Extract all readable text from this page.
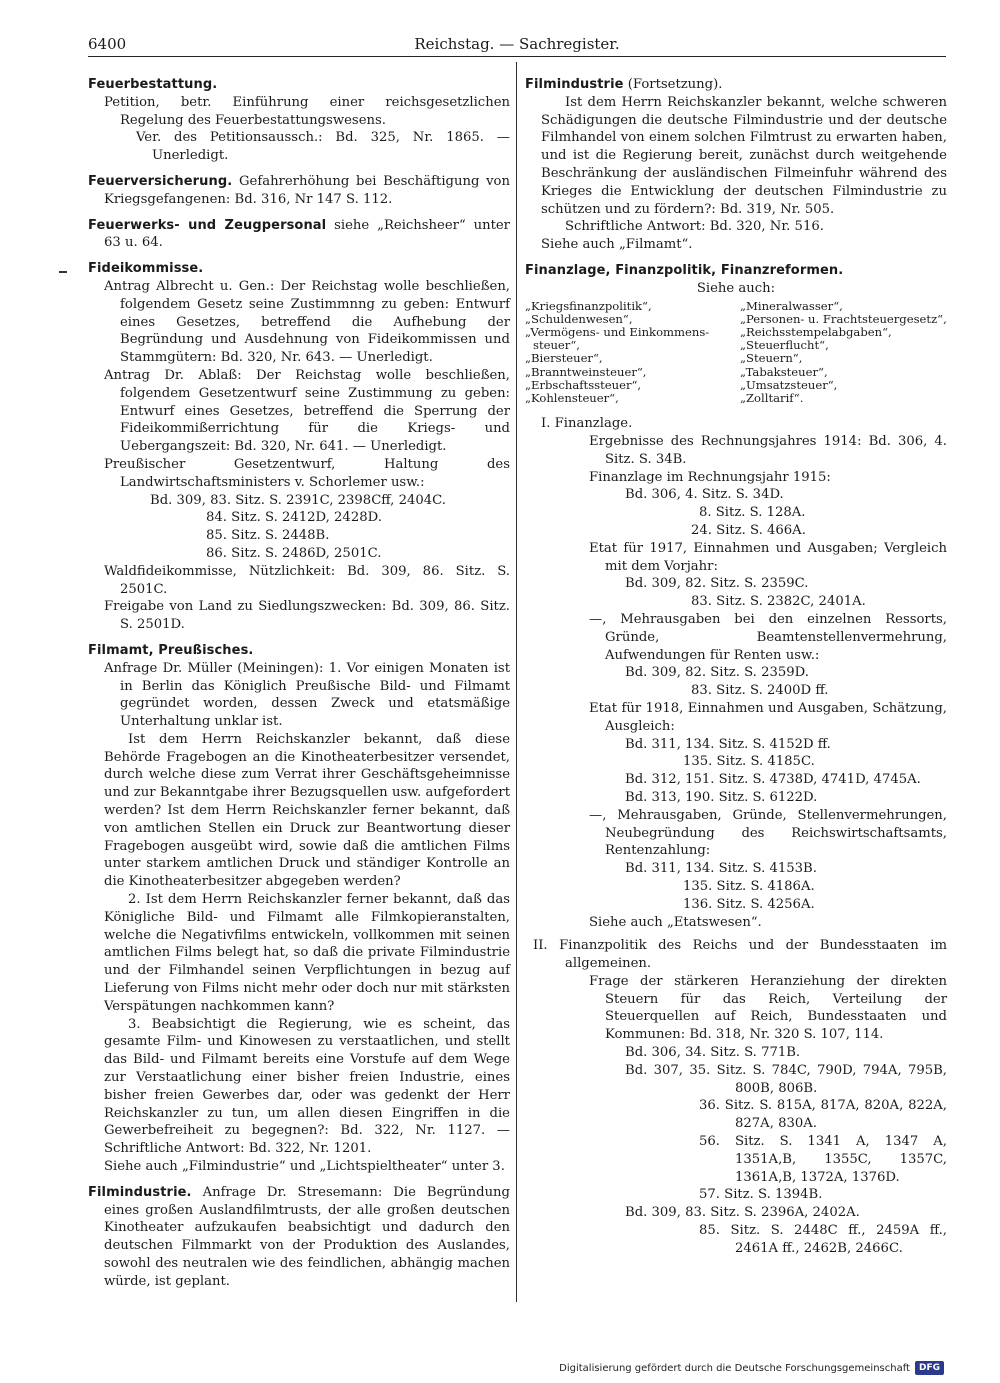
6400	Reichstag. — Sachregister.
Feuerbestattung.
Petition, betr. Einführung einer reichsgesetzlichen Regelung des Feuerbestattungswesens.
Ver. des Petitionsaussch.: Bd. 325, Nr. 1865. — Unerledigt.

Feuerversicherung. Gefahrerhöhung bei Beschäftigung von Kriegsgefangenen: Bd. 316, Nr 147 S. 112.

Feuerwerks- und Zeugpersonal siehe „Reichsheer“ unter 63 u. 64.

Fideikommisse.

Antrag Albrecht u. Gen.: Der Reichstag wolle beschließen, folgendem Gesetz seine Zustimmnng zu geben: Entwurf eines Gesetzes, betreffend die Aufhebung der Begründung und Ausdehnung von Fideikommissen und Stammgütern: Bd. 320, Nr. 643. — Unerledigt.

Antrag Dr. Ablaß: Der Reichstag wolle beschließen, folgendem Gesetzentwurf seine Zustimmung zu geben: Entwurf eines Gesetzes, betreffend die Sperrung der Fideikommißerrichtung für die Kriegs- und Uebergangszeit: Bd. 320, Nr. 641. — Unerledigt.

Preußischer Gesetzentwurf, Haltung des Landwirtschaftsministers v. Schorlemer usw.:

Bd. 309, 83. Sitz. S. 2391C, 2398Cff, 2404C.
84. Sitz. S. 2412D, 2428D.
85. Sitz. S. 2448B.
86. Sitz. S. 2486D, 2501C.

Waldfideikommisse, Nützlichkeit: Bd. 309, 86. Sitz. S. 2501C.

Freigabe von Land zu Siedlungszwecken: Bd. 309, 86. Sitz. S. 2501D.

Filmamt, Preußisches.

Anfrage Dr. Müller (Meiningen): 1. Vor einigen Monaten ist in Berlin das Königlich Preußische Bild- und Filmamt gegründet worden, dessen Zweck und etatsmäßige Unterhaltung unklar ist.

Ist dem Herrn Reichskanzler bekannt, daß diese Behörde Fragebogen an die Kinotheaterbesitzer versendet, durch welche diese zum Verrat ihrer Geschäftsgeheimnisse und zur Bekanntgabe ihrer Bezugsquellen usw. aufgefordert werden? Ist dem Herrn Reichskanzler ferner bekannt, daß von amtlichen Stellen ein Druck zur Beantwortung dieser Fragebogen ausgeübt wird, sowie daß die amtlichen Films unter starkem amtlichen Druck und ständiger Kontrolle an die Kinotheaterbesitzer abgegeben werden?

2. Ist dem Herrn Reichskanzler ferner bekannt, daß das Königliche Bild- und Filmamt alle Filmkopieranstalten, welche die Negativfilms entwickeln, vollkommen mit seinen amtlichen Films belegt hat, so daß die private Filmindustrie und der Filmhandel seinen Verpflichtungen in bezug auf Lieferung von Films nicht mehr oder doch nur mit stärksten Verspätungen nachkommen kann?

3. Beabsichtigt die Regierung, wie es scheint, das gesamte Film- und Kinowesen zu verstaatlichen, und stellt das Bild- und Filmamt bereits eine Vorstufe auf dem Wege zur Verstaatlichung einer bisher freien Industrie, eines bisher freien Gewerbes dar, oder was gedenkt der Herr Reichskanzler zu tun, um allen diesen Eingriffen in die Gewerbefreiheit zu begegnen?: Bd. 322, Nr. 1127. — Schriftliche Antwort: Bd. 322, Nr. 1201.

Siehe auch „Filmindustrie“ und „Lichtspieltheater“ unter 3.

Filmindustrie. Anfrage Dr. Stresemann: Die Begründung eines großen Auslandfilmtrusts, der alle großen deutschen Kinotheater aufzukaufen beabsichtigt und dadurch den deutschen Filmmarkt von der Produktion des Auslandes, sowohl des neutralen wie des feindlichen, abhängig machen würde, ist geplant.

Filmindustrie (Fortsetzung).

Ist dem Herrn Reichskanzler bekannt, welche schweren Schädigungen die deutsche Filmindustrie und der deutsche Filmhandel von einem solchen Filmtrust zu erwarten haben, und ist die Regierung bereit, zunächst durch weitgehende Beschränkung der ausländischen Filmeinfuhr während des Krieges die Entwicklung der deutschen Filmindustrie zu schützen und zu fördern?: Bd. 319, Nr. 505.

Schriftliche Antwort: Bd. 320, Nr. 516.

Siehe auch „Filmamt“.

Finanzlage, Finanzpolitik, Finanzreformen.
Siehe auch:
„Kriegsfinanzpolitik“,
„Schuldenwesen“,
„Vermögens- und Einkommens-
steuer“,
„Biersteuer“,
„Branntweinsteuer“,
„Erbschaftssteuer“,
„Kohlensteuer“,
„Mineralwasser“,
„Personen- u. Frachtsteuergesetz“,
„Reichsstempelabgaben“,
„Steuerflucht“,
„Steuern“,
„Tabaksteuer“,
„Umsatzsteuer“,
„Zolltarif“.
I. Finanzlage.

Ergebnisse des Rechnungsjahres 1914: Bd. 306, 4. Sitz. S. 34B.

Finanzlage im Rechnungsjahr 1915:

Bd. 306, 4. Sitz. S. 34D.
8. Sitz. S. 128A.
24. Sitz. S. 466A.

Etat für 1917, Einnahmen und Ausgaben; Vergleich mit dem Vorjahr:

Bd. 309, 82. Sitz. S. 2359C.
83. Sitz. S. 2382C, 2401A.

—, Mehrausgaben bei den einzelnen Ressorts, Gründe, Beamtenstellenvermehrung, Aufwendungen für Renten usw.:

Bd. 309, 82. Sitz. S. 2359D.
83. Sitz. S. 2400D ff.

Etat für 1918, Einnahmen und Ausgaben, Schätzung, Ausgleich:

Bd. 311, 134. Sitz. S. 4152D ff.
135. Sitz. S. 4185C.
Bd. 312, 151. Sitz. S. 4738D, 4741D, 4745A.
Bd. 313, 190. Sitz. S. 6122D.

—, Mehrausgaben, Gründe, Stellenvermehrungen, Neubegründung des Reichswirtschaftsamts, Rentenzahlung:

Bd. 311, 134. Sitz. S. 4153B.
135. Sitz. S. 4186A.
136. Sitz. S. 4256A.
Siehe auch „Etatswesen“.

II. Finanzpolitik des Reichs und der Bundesstaaten im allgemeinen.

Frage der stärkeren Heranziehung der direkten Steuern für das Reich, Verteilung der Steuerquellen auf Reich, Bundesstaaten und Kommunen: Bd. 318, Nr. 320 S. 107, 114.

Bd. 306, 34. Sitz. S. 771B.

Bd. 307, 35. Sitz. S. 784C, 790D, 794A, 795B, 800B, 806B.

36. Sitz. S. 815A, 817A, 820A, 822A, 827A, 830A.

56. Sitz. S. 1341 A, 1347 A, 1351A,B, 1355C, 1357C, 1361A,B, 1372A, 1376D.

57. Sitz. S. 1394B.
Bd. 309, 83. Sitz. S. 2396A, 2402A.

85. Sitz. S. 2448C ff., 2459A ff., 2461A ff., 2462B, 2466C.

Digitalisierung gefördert durch die Deutsche Forschungsgemeinschaft	DFG
